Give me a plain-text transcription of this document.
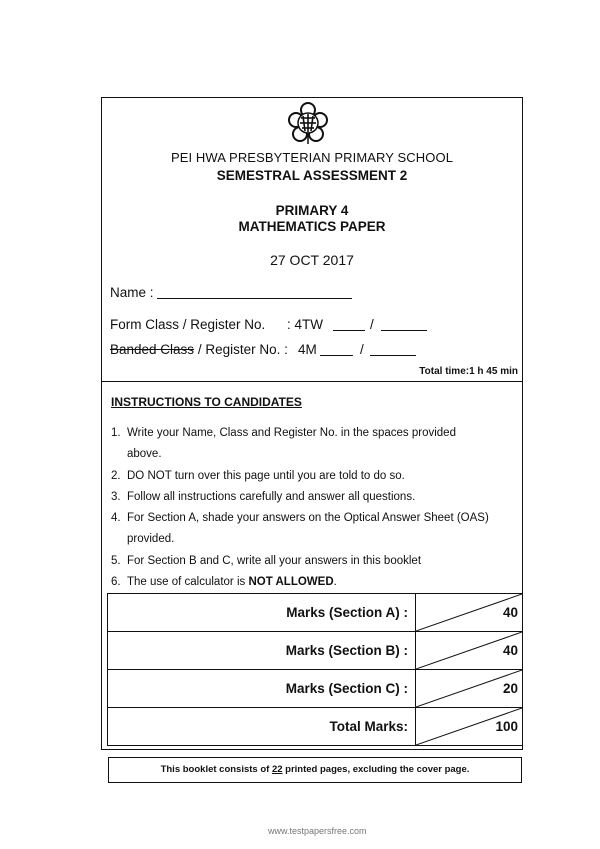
PEI HWA PRESBYTERIAN PRIMARY SCHOOL
SEMESTRAL ASSESSMENT 2
PRIMARY 4
MATHEMATICS PAPER
27 OCT 2017
Name :
Form Class / Register No. : 4TW	/
Banded Class / Register No. : 4M	/
Total time:1 h 45 min
INSTRUCTIONS TO CANDIDATES
1. Write your Name, Class and Register No. in the spaces provided
above.
2. DO NOT turn over this page until you are told to do so.
3. Follow all instructions carefully and answer all questions.
4. For Section A, shade your answers on the Optical Answer Sheet (OAS)
provided.
5. For Section B and C, write all your answers in this booklet
6. The use of calculator is NOT ALLOWED.
Marks (Section A) :	40
Marks (Section B) :	40
Marks (Section C) :	20
Total Marks:	100
This booklet consists of 22 printed pages, excluding the cover page.
www.testpapersfree.com
